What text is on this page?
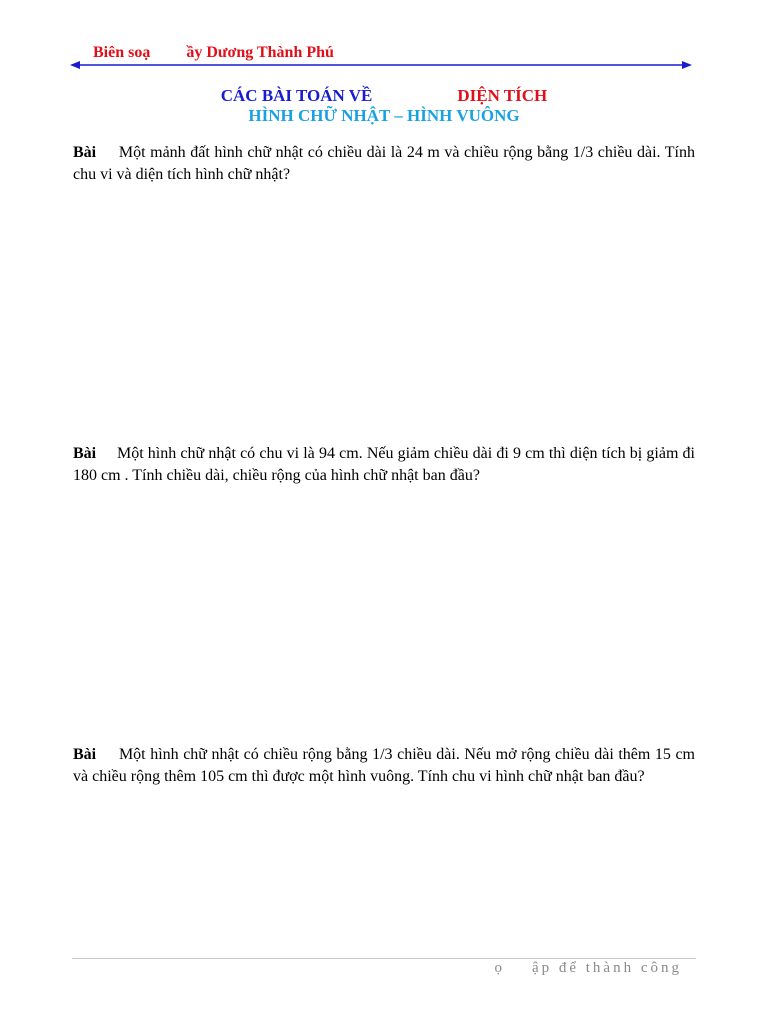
Biên soạ         ầy Dương Thành Phú
CÁC BÀI TOÁN VỀ	DIỆN TÍCH
HÌNH CHỮ NHẬT – HÌNH VUÔNG
Bài Một mảnh đất hình chữ nhật có chiều dài là 24 m và chiều rộng bằng 1/3 chiều dài. Tính chu vi và diện tích hình chữ nhật?
Bài Một hình chữ nhật có chu vi là 94 cm. Nếu giảm chiều dài đi 9 cm thì diện tích bị giảm đi 180 cm . Tính chiều dài, chiều rộng của hình chữ nhật ban đầu?
Bài Một hình chữ nhật có chiều rộng bằng 1/3 chiều dài. Nếu mở rộng chiều dài thêm 15 cm và chiều rộng thêm 105 cm thì được một hình vuông. Tính chu vi hình chữ nhật ban đầu?
ọ    ập để thành công
